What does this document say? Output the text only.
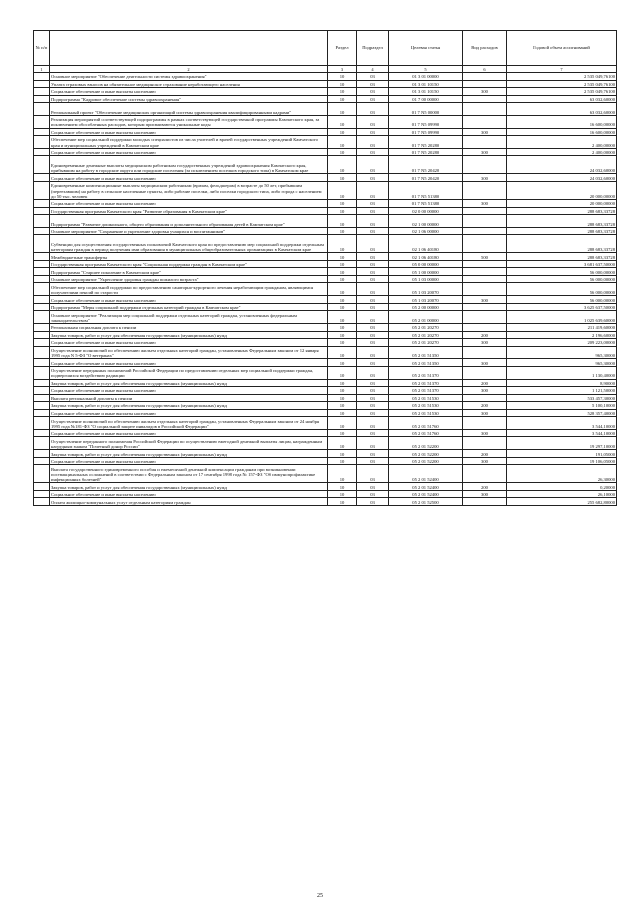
№ п/п		Раздел	Подраздел	Целевая статья	Вид расходов	Годовой объем ассигнований
1	2	3	4	5	6	7
	Основное мероприятие "Обеспечение деятельности системы здравоохранения"	10	03	01 3 01 00000		2 535 049,76100
	Уплата страховых взносов на обязательное медицинское страхование неработающего населения	10	03	01 3 01 10150		2 535 049,76100
	Социальное обеспечение и иные выплаты населению	10	03	01 3 01 10150	300	2 535 049,76100
	Подпрограмма "Кадровое обеспечение системы здравоохранения"	10	03	01 7 00 00000		63 032,60000
	Региональный проект "Обеспечение медицинских организаций системы здравоохранения квалифицированными кадрами"	10	03	01 7 N5 00000		63 032,60000
	Реализация мероприятий соответствующей подпрограммы в рамках соответствующей государственной программы Камчатского края, за исключением обособленных расходов, которым присваиваются уникальные коды	10	03	01 7 N5 09990		16 600,00000
	Социальное обеспечение и иные выплаты населению	10	03	01 7 N5 09990	300	16 600,00000
	Обеспечение мер социальной поддержки молодых специалистов из числа учителей и врачей государственных учреждений Камчатского края и муниципальных учреждений в Камчатском крае	10	03	01 7 N5 20280		2 400,00000
	Социальное обеспечение и иные выплаты населению	10	03	01 7 N5 20280	300	2 400,00000
	Единовременные денежные выплаты медицинским работникам государственных учреждений здравоохранения Камчатского края, прибывшим на работу в городские округа или городские поселения (за исключением поселков городского типа) в Камчатском крае	10	03	01 7 N5 20420		24 032,60000
	Социальное обеспечение и иные выплаты населению	10	03	01 7 N5 20420	300	24 032,60000
	Единовременные компенсационные выплаты медицинским работникам (врачам, фельдшерам) в возрасте до 50 лет, прибывшим (переехавшим) на работу в сельские населенные пункты, либо рабочие поселки, либо поселки городского типа, либо города с населением до 50 тыс. человек	10	03	01 7 N5 51380		20 000,00000
	Социальное обеспечение и иные выплаты населению	10	03	01 7 N5 51380	300	20 000,00000
	Государственная программа Камчатского края "Развитие образования в Камчатском крае"	10	03	02 0 00 00000		288 683,33728
	Подпрограмма "Развитие дошкольного, общего образования и дополнительного образования детей в Камчатском крае"	10	03	02 1 00 00000		288 683,33728
	Основное мероприятие "Сохранение и укрепление здоровья учащихся и воспитанников"	10	03	02 1 06 00000		288 683,33728
	Субвенции для осуществления государственных полномочий Камчатского края по предоставлению мер социальной поддержки отдельным категориям граждан в период получения ими образования в муниципальных общеобразовательных организациях в Камчатском крае	10	03	02 1 06 40180		288 683,33728
	Межбюджетные трансферты	10	03	02 1 06 40180	500	288 683,33728
	Государственная программа Камчатского края "Социальная поддержка граждан в Камчатском крае"	10	03	05 0 00 00000		3 681 637,50000
	Подпрограмма "Старшее поколение в Камчатском крае"	10	03	05 1 00 00000		56 000,00000
	Основное мероприятие "Укрепление здоровья граждан пожилого возраста"	10	03	05 1 03 00000		56 000,00000
	Обеспечение мер социальной поддержки по предоставлению санаторно-курортного лечения неработающим гражданам, являющимся получателями пенсий по старости	10	03	05 1 03 20070		56 000,00000
	Социальное обеспечение и иные выплаты населению	10	03	05 1 03 20070	300	56 000,00000
	Подпрограмма "Меры социальной поддержки отдельных категорий граждан в Камчатском крае"	10	03	05 2 00 00000		3 625 637,50000
	Основное мероприятие "Реализация мер социальной поддержки отдельных категорий граждан, установленных федеральным законодательством"	10	03	05 2 01 00000		1 025 639,60000
	Региональная социальная доплата к пенсии	10	03	05 2 01 20270		211 419,60000
	Закупка товаров, работ и услуг для обеспечения государственных (муниципальных) нужд	10	03	05 2 01 20270	200	2 196,60000
	Социальное обеспечение и иные выплаты населению	10	03	05 2 01 20270	300	209 223,00000
	Осуществление полномочий по обеспечению жильем отдельных категорий граждан, установленных Федеральным законом от 12 января 1995 года N 5-ФЗ "О ветеранах"	10	03	05 2 01 51350		965,30000
	Социальное обеспечение и иные выплаты населению	10	03	05 2 01 51350	300	965,30000
	Осуществление переданных полномочий Российской Федерации по предоставлению отдельных мер социальной поддержки граждан, подвергшихся воздействию радиации	10	03	05 2 01 51370		1 130,40000
	Закупка товаров, работ и услуг для обеспечения государственных (муниципальных) нужд	10	03	05 2 01 51370	200	8,90000
	Социальное обеспечение и иные выплаты населению	10	03	05 2 01 51370	300	1 121,50000
	Выплата региональной доплаты к пенсии	10	03	05 2 01 51530		533 457,30000
	Закупка товаров, работ и услуг для обеспечения государственных (муниципальных) нужд	10	03	05 2 01 51530	200	5 100,10000
	Социальное обеспечение и иные выплаты населению	10	03	05 2 01 51530	300	528 357,40000
	Осуществление полномочий по обеспечению жильем отдельных категорий граждан, установленных Федеральным законом от 24 ноября 1995 года №181-ФЗ "О социальной защите инвалидов в Российской Федерации"	10	03	05 2 01 51760		3 544,10000
	Социальное обеспечение и иные выплаты населению	10	03	05 2 01 51760	300	3 544,10000
	Осуществление переданного полномочия Российской Федерации по осуществлению ежегодной денежной выплаты лицам, награжденным нагрудным знаком "Почетный донор России"	10	03	05 2 01 52200		19 297,10000
	Закупка товаров, работ и услуг для обеспечения государственных (муниципальных) нужд	10	03	05 2 01 52200	200	191,05000
	Социальное обеспечение и иные выплаты населению	10	03	05 2 01 52200	300	19 106,05000
	Выплата государственного единовременного пособия и ежемесячной денежной компенсации гражданам при возникновении поствакцинальных осложнений в соответствии с Федеральным законом от 17 сентября 1998 года № 157-ФЗ "Об иммунопрофилактике инфекционных болезней"	10	03	05 2 01 52400		26,30000
	Закупка товаров, работ и услуг для обеспечения государственных (муниципальных) нужд	10	03	05 2 01 52400	200	0,20000
	Социальное обеспечение и иные выплаты населению	10	03	05 2 01 52400	300	26,10000
	Оплата жилищно-коммунальных услуг отдельным категориям граждан	10	03	05 2 01 52500		255 682,80000
25
